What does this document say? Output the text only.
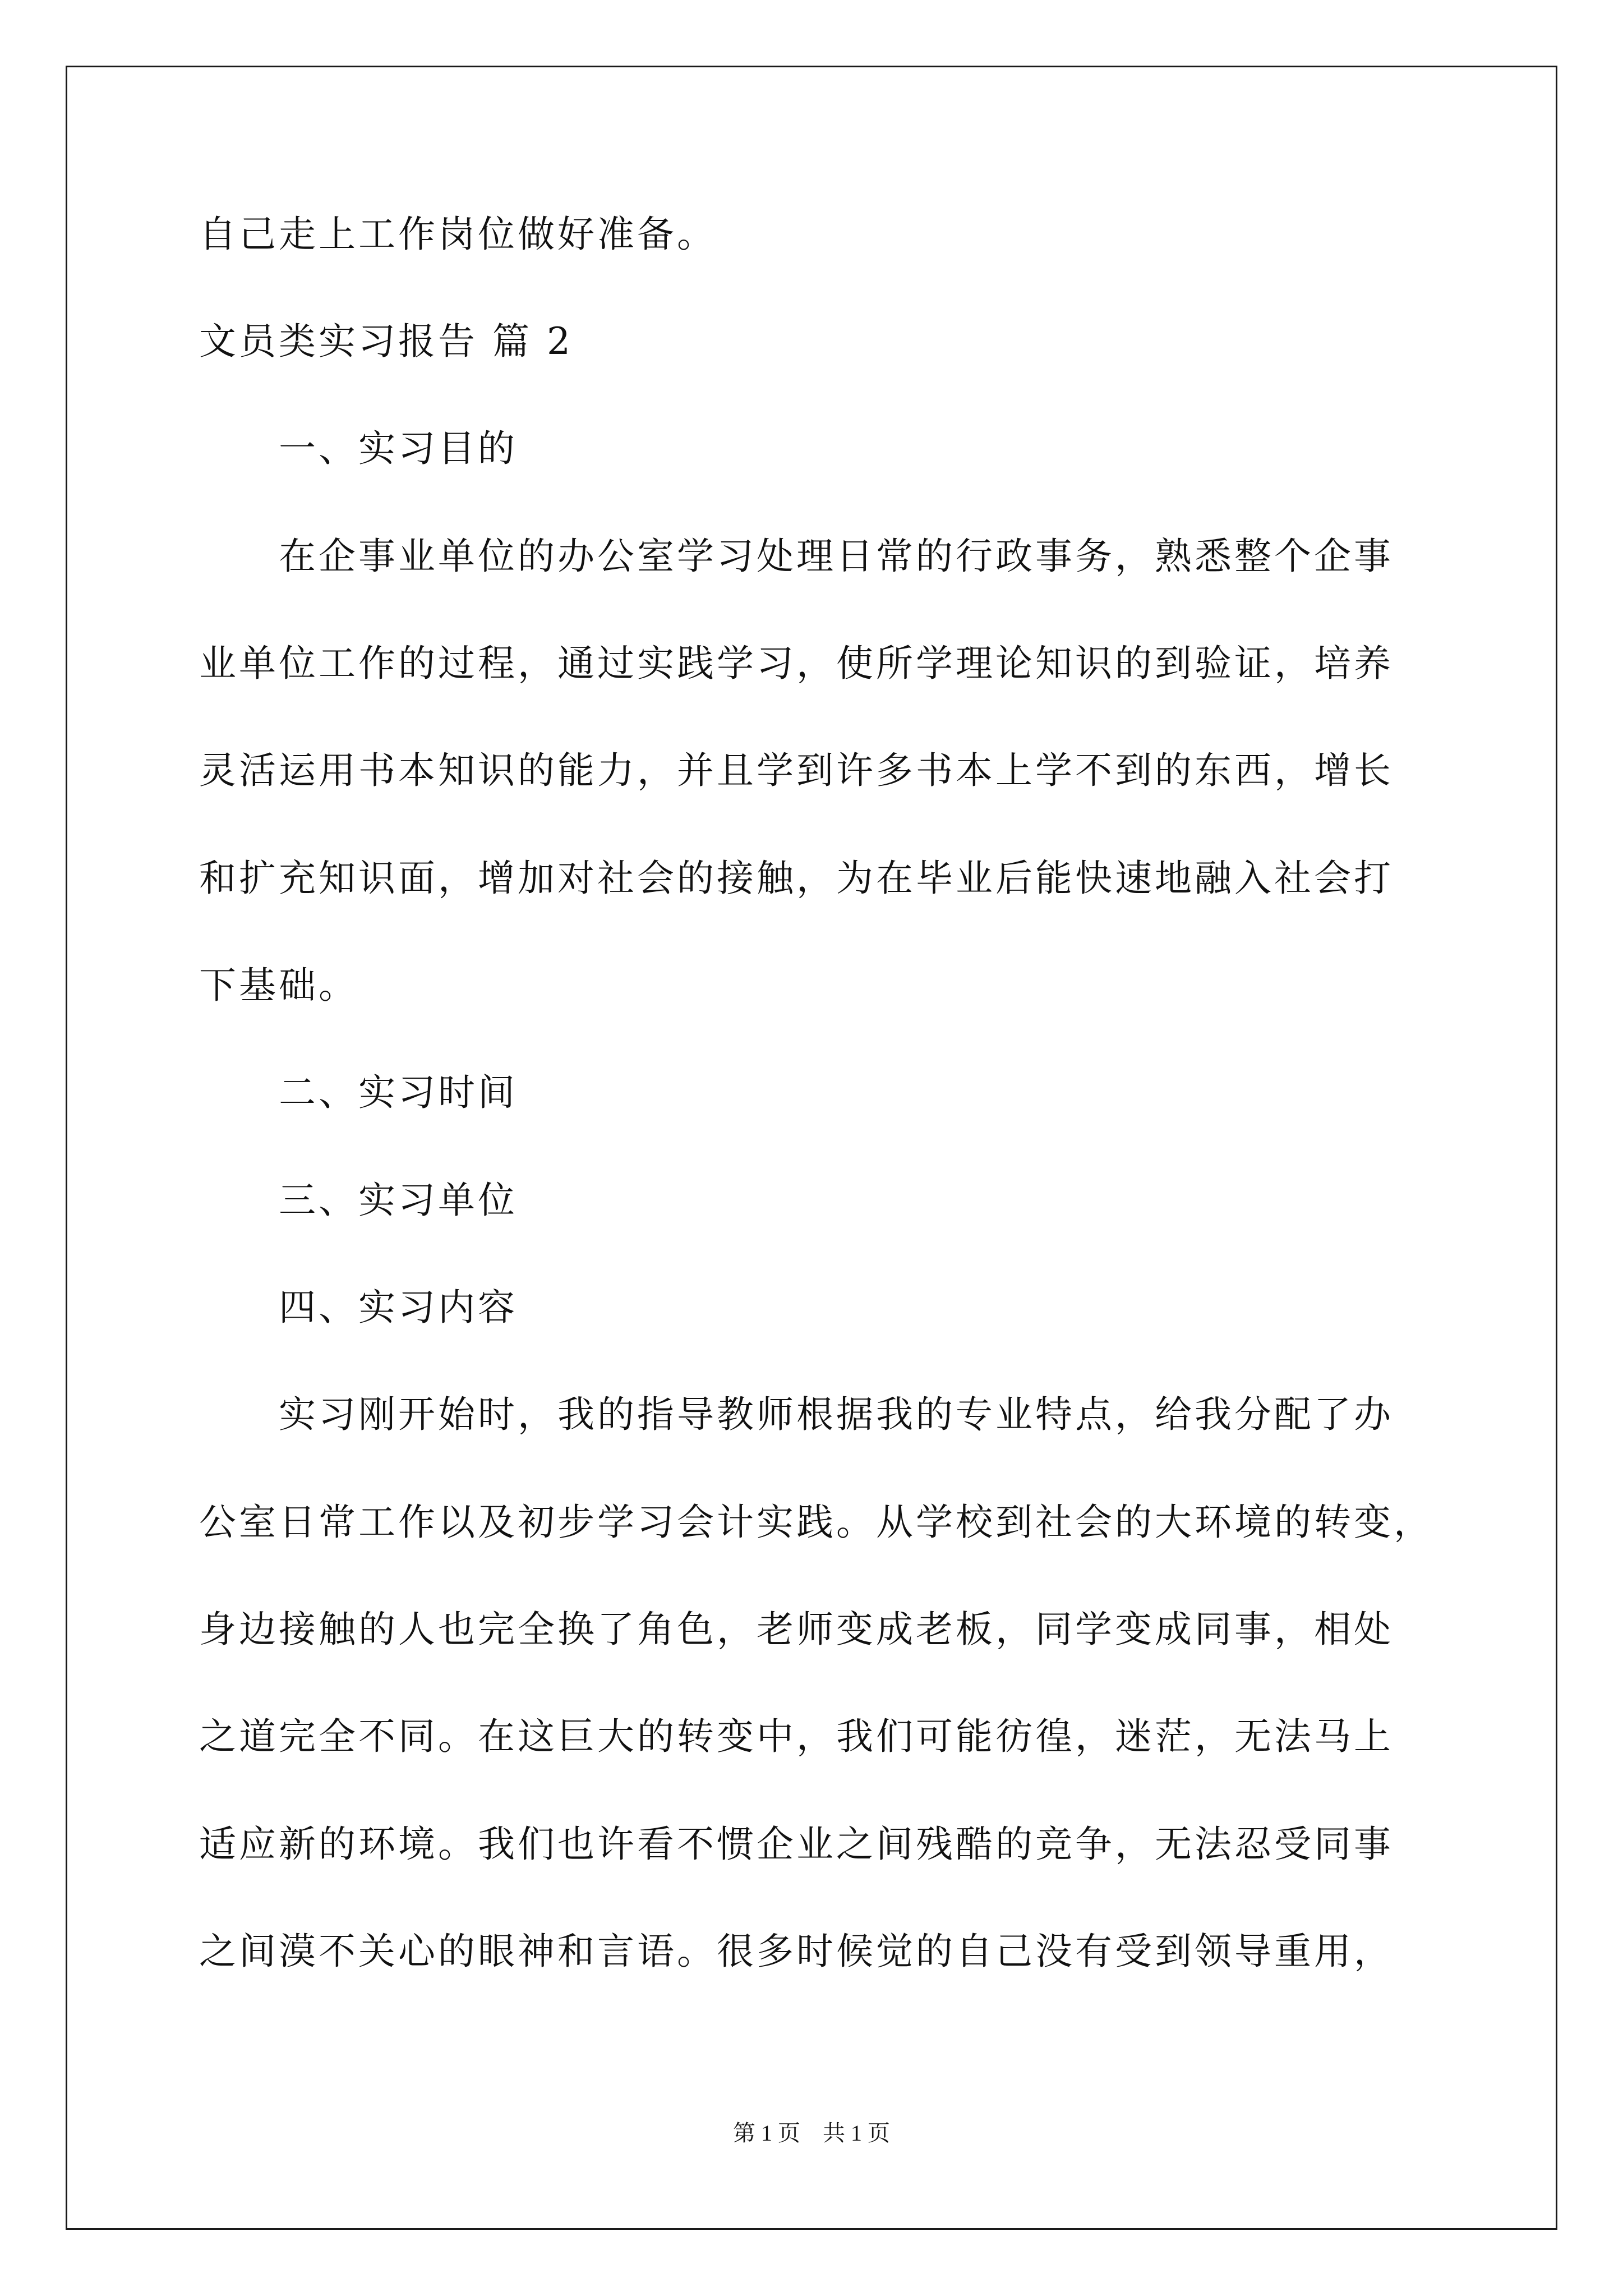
自己走上工作岗位做好准备。
文员类实习报告 篇 2
　　一、实习目的
　　在企事业单位的办公室学习处理日常的行政事务，熟悉整个企事
业单位工作的过程，通过实践学习，使所学理论知识的到验证，培养
灵活运用书本知识的能力，并且学到许多书本上学不到的东西，增长
和扩充知识面，增加对社会的接触，为在毕业后能快速地融入社会打
下基础。
　　二、实习时间
　　三、实习单位
　　四、实习内容
　　实习刚开始时，我的指导教师根据我的专业特点，给我分配了办
公室日常工作以及初步学习会计实践。从学校到社会的大环境的转变，
身边接触的人也完全换了角色，老师变成老板，同学变成同事，相处
之道完全不同。在这巨大的转变中，我们可能彷徨，迷茫，无法马上
适应新的环境。我们也许看不惯企业之间残酷的竞争，无法忍受同事
之间漠不关心的眼神和言语。很多时候觉的自己没有受到领导重用，
第 1 页　共 1 页
